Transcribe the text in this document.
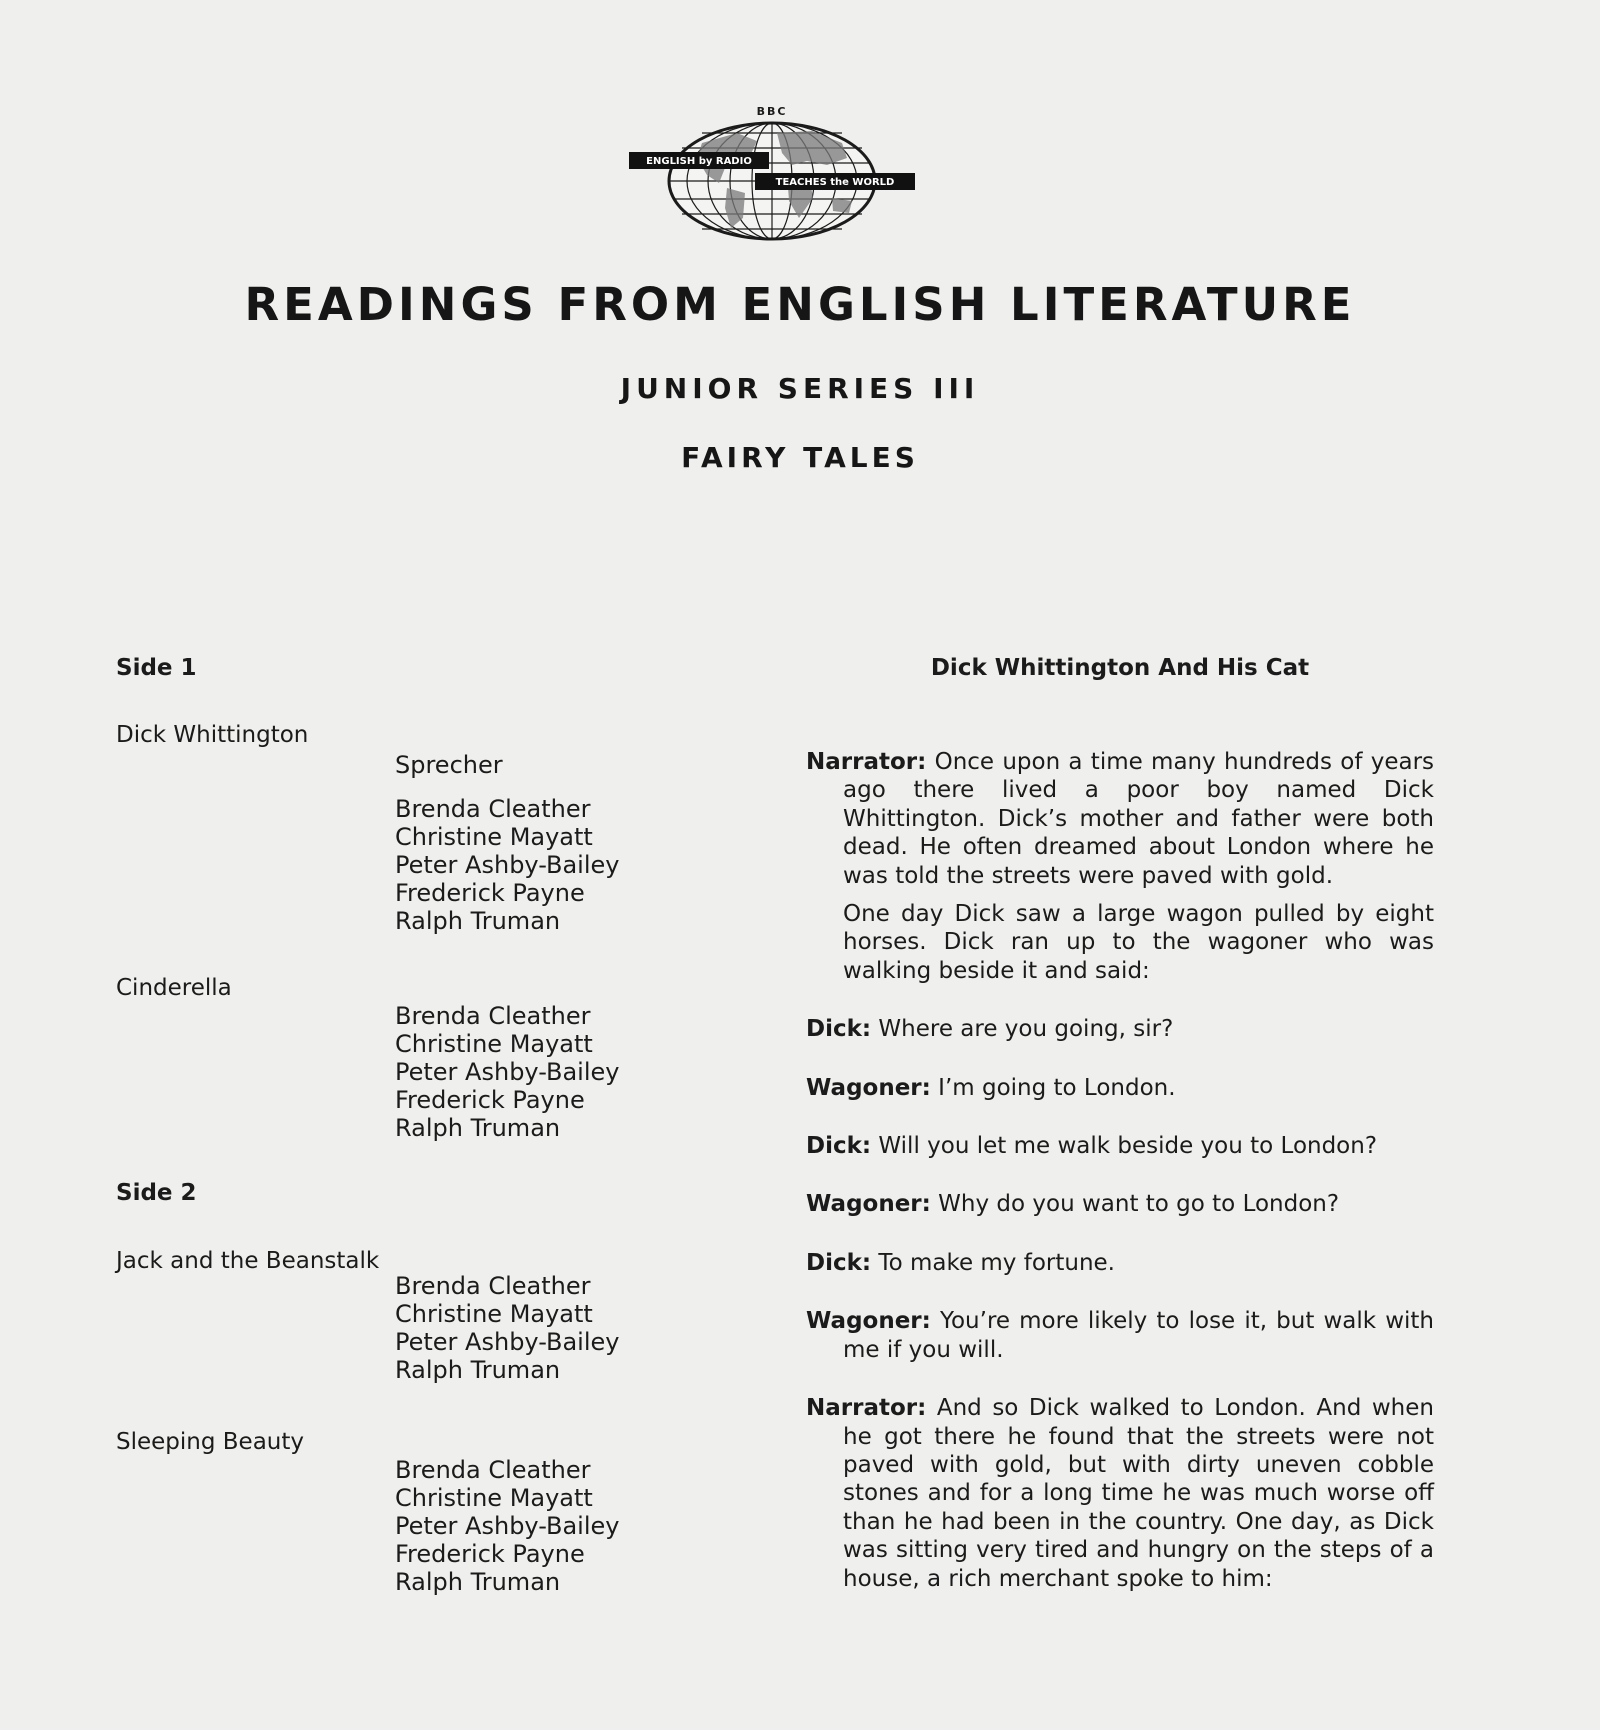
BBC
ENGLISH by RADIO
TEACHES the WORLD
READINGS FROM ENGLISH LITERATURE
JUNIOR SERIES III
FAIRY TALES
Side 1
Dick Whittington
Sprecher
Brenda Cleather
Christine Mayatt
Peter Ashby-Bailey
Frederick Payne
Ralph Truman
Cinderella
Brenda Cleather
Christine Mayatt
Peter Ashby-Bailey
Frederick Payne
Ralph Truman
Side 2
Jack and the Beanstalk
Brenda Cleather
Christine Mayatt
Peter Ashby-Bailey
Ralph Truman
Sleeping Beauty
Brenda Cleather
Christine Mayatt
Peter Ashby-Bailey
Frederick Payne
Ralph Truman
Dick Whittington And His Cat

Narrator: Once upon a time many hundreds of years ago there lived a poor boy named Dick Whittington. Dick’s mother and father were both dead. He often dreamed about London where he was told the streets were paved with gold.

One day Dick saw a large wagon pulled by eight horses. Dick ran up to the wagoner who was walking beside it and said:

Dick: Where are you going, sir?

Wagoner: I’m going to London.

Dick: Will you let me walk beside you to London?

Wagoner: Why do you want to go to London?

Dick: To make my fortune.

Wagoner: You’re more likely to lose it, but walk with me if you will.

Narrator: And so Dick walked to London. And when he got there he found that the streets were not paved with gold, but with dirty uneven cobble stones and for a long time he was much worse off than he had been in the country. One day, as Dick was sitting very tired and hungry on the steps of a house, a rich merchant spoke to him:
